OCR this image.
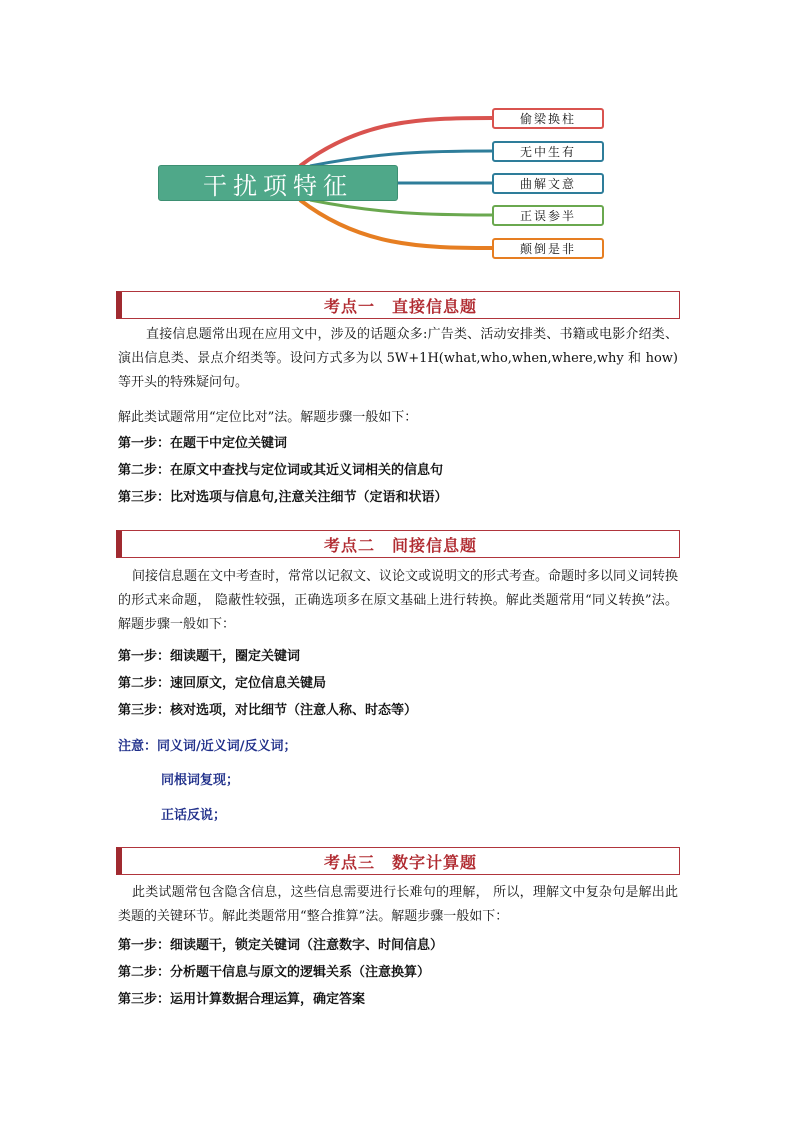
干扰项特征
偷梁换柱
无中生有
曲解文意
正误参半
颠倒是非
考点一　直接信息题
直接信息题常出现在应用文中，涉及的话题众多:广告类、活动安排类、书籍或电影介绍类、演出信息类、景点介绍类等。设问方式多为以 5W+1H(what,who,when,where,why 和 how)等开头的特殊疑问句。
解此类试题常用“定位比对”法。解题步骤一般如下：
第一步：在题干中定位关键词
第二步：在原文中查找与定位词或其近义词相关的信息句
第三步：比对选项与信息句,注意关注细节（定语和状语）
考点二　间接信息题
间接信息题在文中考查时，常常以记叙文、议论文或说明文的形式考查。命题时多以同义词转换的形式来命题， 隐蔽性较强，正确选项多在原文基础上进行转换。解此类题常用“同义转换”法。解题步骤一般如下：
第一步：细读题干，圈定关键词
第二步：速回原文，定位信息关键局
第三步：核对选项，对比细节（注意人称、时态等）
注意：同义词/近义词/反义词；
同根词复现；
正话反说；
考点三　数字计算题
此类试题常包含隐含信息，这些信息需要进行长难句的理解， 所以，理解文中复杂句是解出此类题的关键环节。解此类题常用“整合推算”法。解题步骤一般如下：
第一步：细读题干，锁定关键词（注意数字、时间信息）
第二步：分析题干信息与原文的逻辑关系（注意换算）
第三步：运用计算数据合理运算，确定答案
